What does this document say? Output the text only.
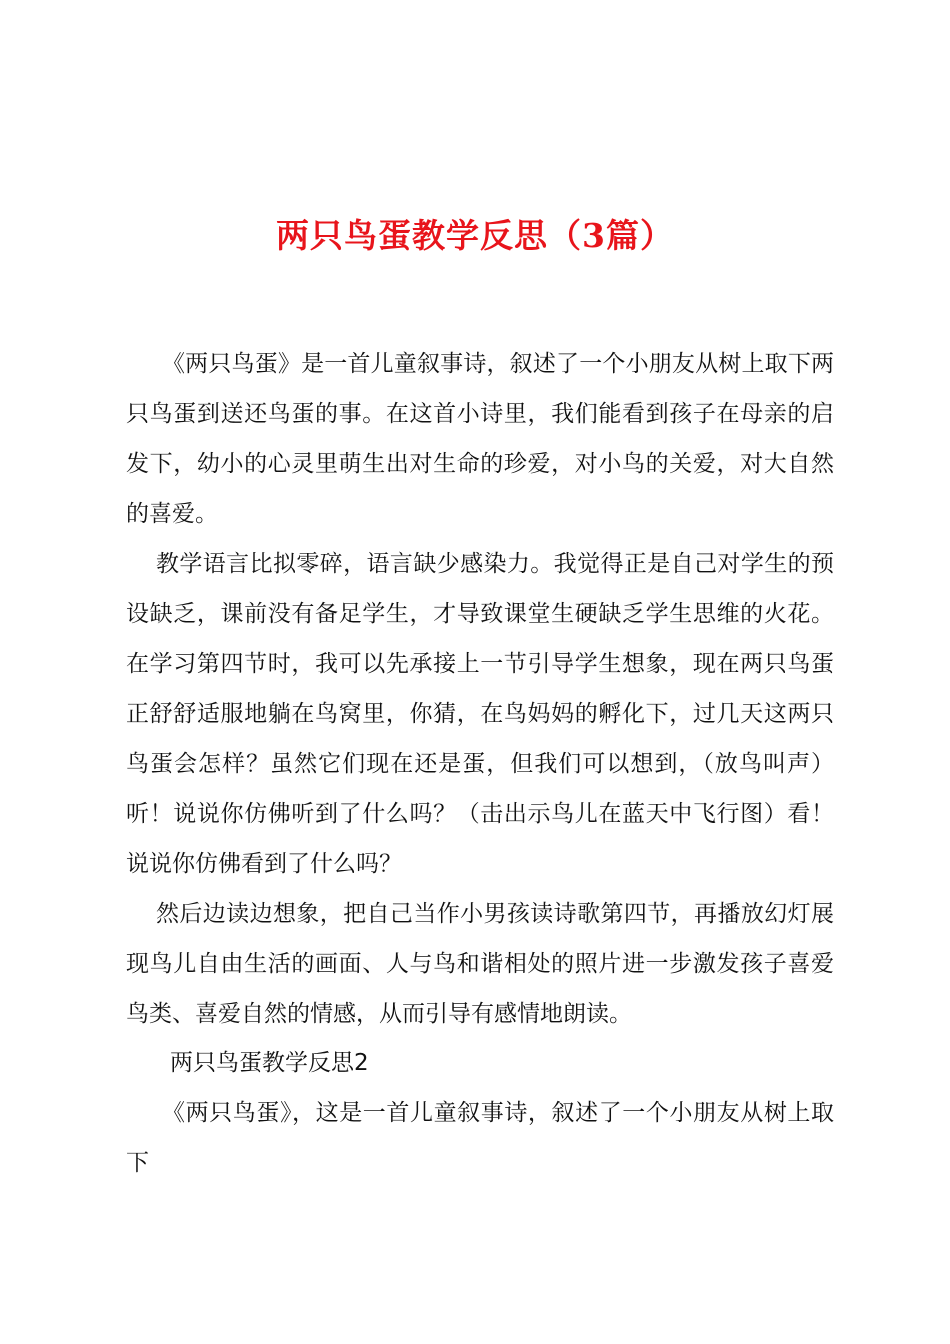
两只鸟蛋教学反思（3篇）

《两只鸟蛋》是一首儿童叙事诗，叙述了一个小朋友从树上取下两只鸟蛋到送还鸟蛋的事。在这首小诗里，我们能看到孩子在母亲的启发下，幼小的心灵里萌生出对生命的珍爱，对小鸟的关爱，对大自然的喜爱。

教学语言比拟零碎，语言缺少感染力。我觉得正是自己对学生的预设缺乏，课前没有备足学生，才导致课堂生硬缺乏学生思维的火花。在学习第四节时，我可以先承接上一节引导学生想象，现在两只鸟蛋正舒舒适服地躺在鸟窝里，你猜，在鸟妈妈的孵化下，过几天这两只鸟蛋会怎样？虽然它们现在还是蛋，但我们可以想到，（放鸟叫声）听！说说你仿佛听到了什么吗？（击出示鸟儿在蓝天中飞行图）看！说说你仿佛看到了什么吗？

然后边读边想象，把自己当作小男孩读诗歌第四节，再播放幻灯展现鸟儿自由生活的画面、人与鸟和谐相处的照片进一步激发孩子喜爱鸟类、喜爱自然的情感，从而引导有感情地朗读。

两只鸟蛋教学反思2

《两只鸟蛋》，这是一首儿童叙事诗，叙述了一个小朋友从树上取下
